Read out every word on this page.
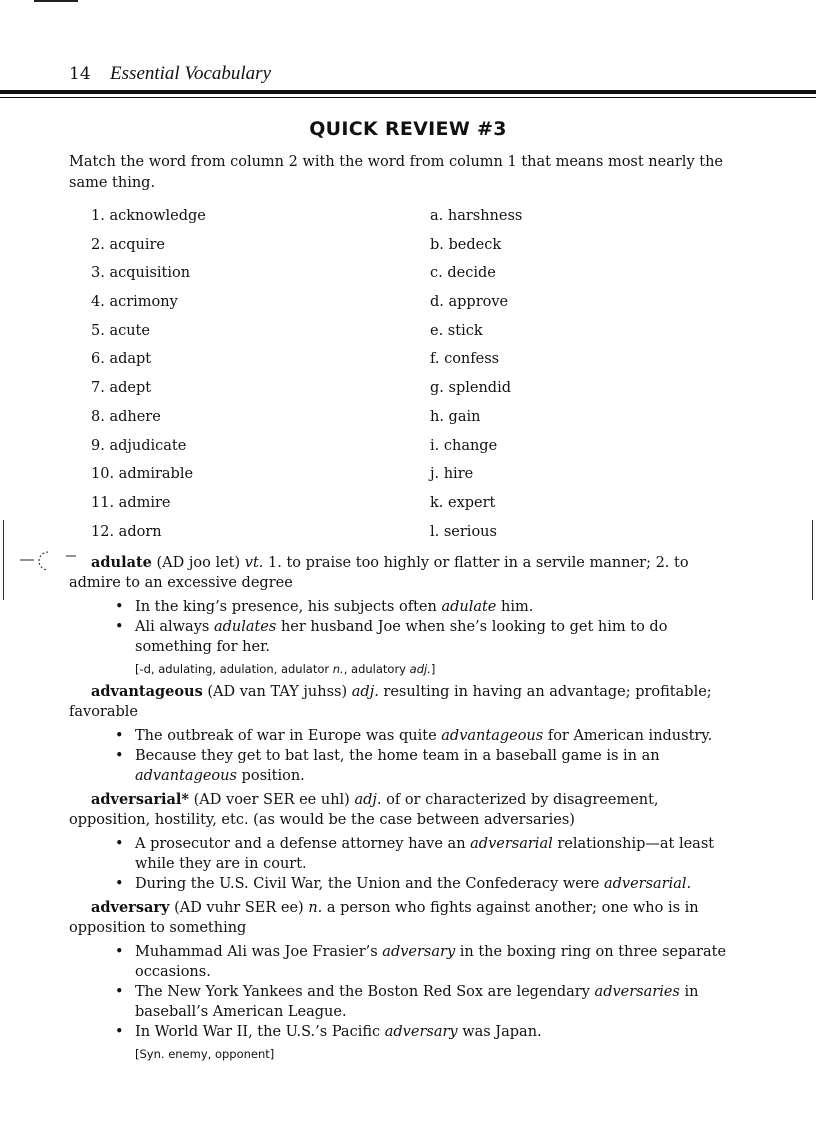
14 Essential Vocabulary
QUICK REVIEW #3
Match the word from column 2 with the word from column 1 that means most nearly the same thing.
1. acknowledge	a. harshness
2. acquire	b. bedeck
3. acquisition	c. decide
4. acrimony	d. approve
5. acute	e. stick
6. adapt	f. confess
7. adept	g. splendid
8. adhere	h. gain
9. adjudicate	i. change
10. admirable	j. hire
11. admire	k. expert
12. adorn	l. serious

adulate (AD joo let) vt. 1. to praise too highly or flatter in a servile manner; 2. to admire to an excessive degree

• In the king’s presence, his subjects often adulate him.
• Ali always adulates her husband Joe when she’s looking to get him to do something for her.
[-d, adulating, adulation, adulator n., adulatory adj.]

advantageous (AD van TAY juhss) adj. resulting in having an advantage; profitable; favorable

• The outbreak of war in Europe was quite advantageous for American industry.
• Because they get to bat last, the home team in a baseball game is in an advantageous position.

adversarial* (AD voer SER ee uhl) adj. of or characterized by disagreement, opposition, hostility, etc. (as would be the case between adversaries)

• A prosecutor and a defense attorney have an adversarial relationship—at least while they are in court.
• During the U.S. Civil War, the Union and the Confederacy were adversarial.

adversary (AD vuhr SER ee) n. a person who fights against another; one who is in opposition to something

• Muhammad Ali was Joe Frasier’s adversary in the boxing ring on three separate occasions.
• The New York Yankees and the Boston Red Sox are legendary adversaries in baseball’s American League.
• In World War II, the U.S.’s Pacific adversary was Japan.
[Syn. enemy, opponent]
